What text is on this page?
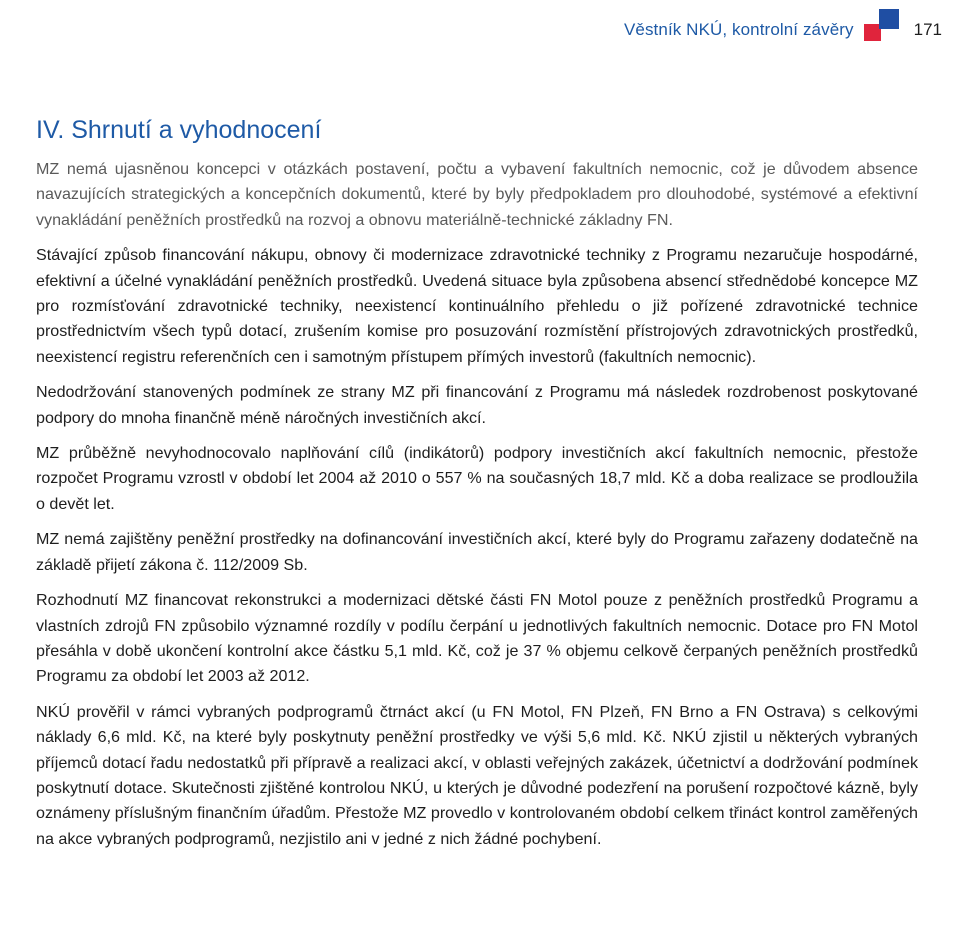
Věstník NKÚ, kontrolní závěry	171
IV. Shrnutí a vyhodnocení

MZ nemá ujasněnou koncepci v otázkách postavení, počtu a vybavení fakultních nemocnic, což je důvodem absence navazujících strategických a koncepčních dokumentů, které by byly předpokladem pro dlouhodobé, systémové a efektivní vynakládání peněžních prostředků na rozvoj a obnovu materiálně-technické základny FN.

Stávající způsob financování nákupu, obnovy či modernizace zdravotnické techniky z Programu nezaručuje hospodárné, efektivní a účelné vynakládání peněžních prostředků. Uvedená situace byla způsobena absencí střednědobé koncepce MZ pro rozmísťování zdravotnické techniky, neexistencí kontinuálního přehledu o již pořízené zdravotnické technice prostřednictvím všech typů dotací, zrušením komise pro posuzování rozmístění přístrojových zdravotnických prostředků, neexistencí registru referenčních cen i samotným přístupem přímých investorů (fakultních nemocnic).

Nedodržování stanovených podmínek ze strany MZ při financování z Programu má následek rozdrobenost poskytované podpory do mnoha finančně méně náročných investičních akcí.

MZ průběžně nevyhodnocovalo naplňování cílů (indikátorů) podpory investičních akcí fakultních nemocnic, přestože rozpočet Programu vzrostl v období let 2004 až 2010 o 557 % na současných 18,7 mld. Kč a doba realizace se prodloužila o devět let.

MZ nemá zajištěny peněžní prostředky na dofinancování investičních akcí, které byly do Programu zařazeny dodatečně na základě přijetí zákona č. 112/2009 Sb.

Rozhodnutí MZ financovat rekonstrukci a modernizaci dětské části FN Motol pouze z peněžních prostředků Programu a vlastních zdrojů FN způsobilo významné rozdíly v podílu čerpání u jednotlivých fakultních nemocnic. Dotace pro FN Motol přesáhla v době ukončení kontrolní akce částku 5,1 mld. Kč, což je 37 % objemu celkově čerpaných peněžních prostředků Programu za období let 2003 až 2012.

NKÚ prověřil v rámci vybraných podprogramů čtrnáct akcí (u FN Motol, FN Plzeň, FN Brno a FN Ostrava) s celkovými náklady 6,6 mld. Kč, na které byly poskytnuty peněžní prostředky ve výši 5,6 mld. Kč. NKÚ zjistil u některých vybraných příjemců dotací řadu nedostatků při přípravě a realizaci akcí, v oblasti veřejných zakázek, účetnictví a dodržování podmínek poskytnutí dotace. Skutečnosti zjištěné kontrolou NKÚ, u kterých je důvodné podezření na porušení rozpočtové kázně, byly oznámeny příslušným finančním úřadům. Přestože MZ provedlo v kontrolovaném období celkem třináct kontrol zaměřených na akce vybraných podprogramů, nezjistilo ani v jedné z nich žádné pochybení.
